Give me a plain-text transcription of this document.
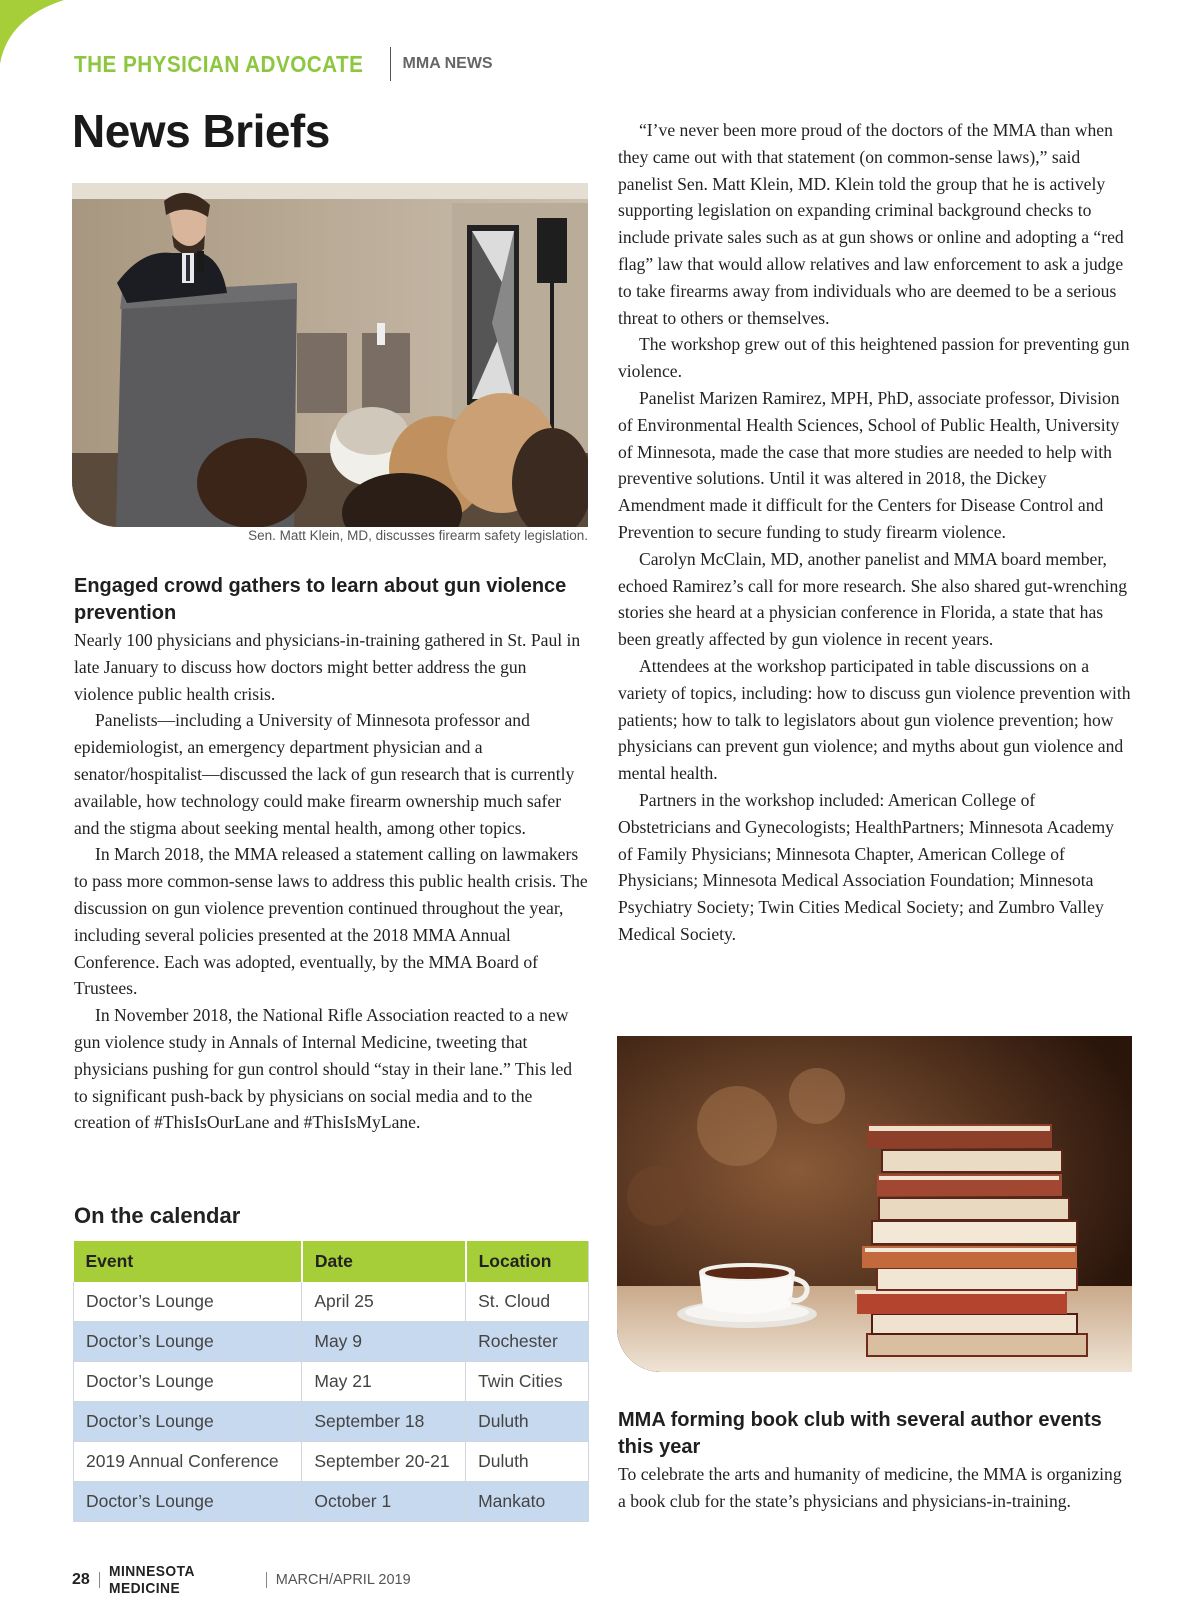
THE PHYSICIAN ADVOCATE MMA NEWS
News Briefs
Sen. Matt Klein, MD, discusses firearm safety legislation.
Engaged crowd gathers to learn about gun violence prevention

Nearly 100 physicians and physicians-in-training gathered in St. Paul in late January to discuss how doctors might better address the gun violence public health crisis.

Panelists—including a University of Minnesota professor and epidemiologist, an emergency department physician and a senator/hospitalist—discussed the lack of gun research that is currently available, how technology could make firearm ownership much safer and the stigma about seeking mental health, among other topics.

In March 2018, the MMA released a statement calling on lawmakers to pass more common-sense laws to address this public health crisis. The discussion on gun violence prevention continued throughout the year, including several policies presented at the 2018 MMA Annual Conference. Each was adopted, eventually, by the MMA Board of Trustees.

In November 2018, the National Rifle Association reacted to a new gun violence study in Annals of Internal Medicine, tweeting that physicians pushing for gun control should “stay in their lane.” This led to significant push-back by physicians on social media and to the creation of #ThisIsOurLane and #ThisIsMyLane.

“I’ve never been more proud of the doctors of the MMA than when they came out with that statement (on common-sense laws),” said panelist Sen. Matt Klein, MD. Klein told the group that he is actively supporting legislation on expanding criminal background checks to include private sales such as at gun shows or online and adopting a “red flag” law that would allow relatives and law enforcement to ask a judge to take firearms away from individuals who are deemed to be a serious threat to others or themselves.

The workshop grew out of this heightened passion for preventing gun violence.

Panelist Marizen Ramirez, MPH, PhD, associate professor, Division of Environmental Health Sciences, School of Public Health, University of Minnesota, made the case that more studies are needed to help with preventive solutions. Until it was altered in 2018, the Dickey Amendment made it difficult for the Centers for Disease Control and Prevention to secure funding to study firearm violence.

Carolyn McClain, MD, another panelist and MMA board member, echoed Ramirez’s call for more research. She also shared gut-wrenching stories she heard at a physician conference in Florida, a state that has been greatly affected by gun violence in recent years.

Attendees at the workshop participated in table discussions on a variety of topics, including: how to discuss gun violence prevention with patients; how to talk to legislators about gun violence prevention; how physicians can prevent gun violence; and myths about gun violence and mental health.

Partners in the workshop included: American College of Obstetricians and Gynecologists; HealthPartners; Minnesota Academy of Family Physicians; Minnesota Chapter, American College of Physicians; Minnesota Medical Association Foundation; Minnesota Psychiatry Society; Twin Cities Medical Society; and Zumbro Valley Medical Society.

On the calendar
Event	Date	Location
Doctor’s Lounge	April 25	St. Cloud
Doctor’s Lounge	May 9	Rochester
Doctor’s Lounge	May 21	Twin Cities
Doctor’s Lounge	September 18	Duluth
2019 Annual Conference	September 20-21	Duluth
Doctor’s Lounge	October 1	Mankato
MMA forming book club with several author events this year

To celebrate the arts and humanity of medicine, the MMA is organizing a book club for the state’s physicians and physicians-in-training.

28 MINNESOTA MEDICINE	MARCH/APRIL 2019
